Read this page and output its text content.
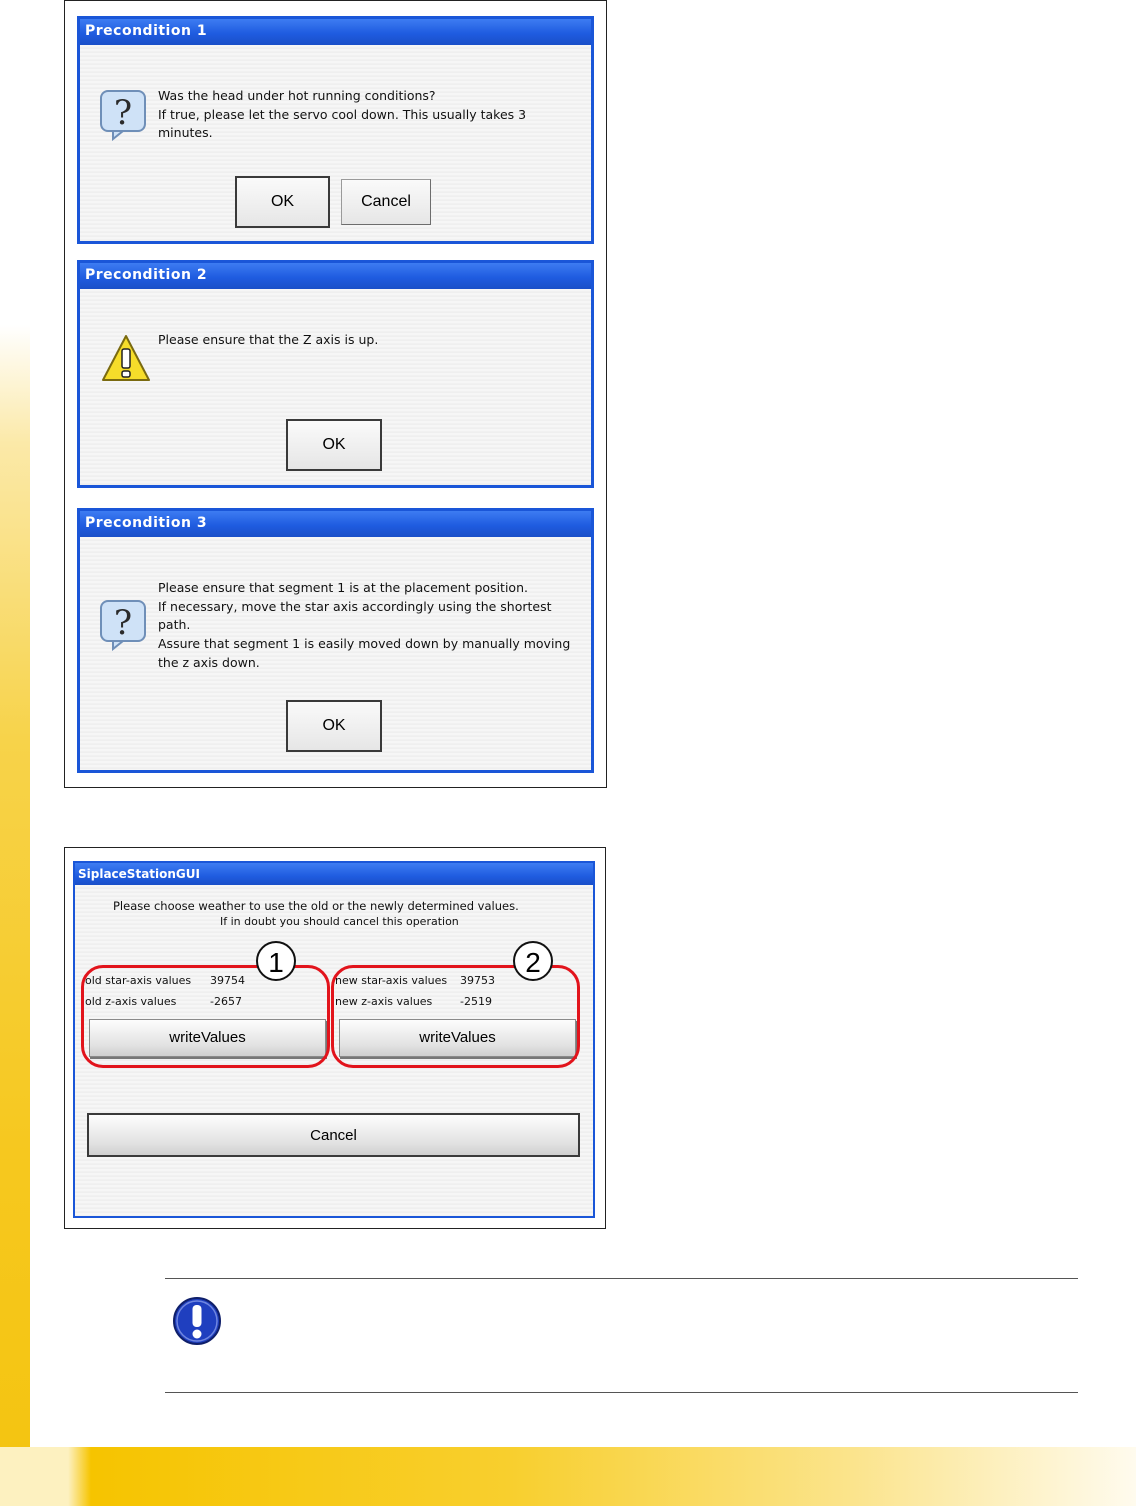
Precondition 1
? Was the head under hot running conditions?
If true, please let the servo cool down. This usually takes 3
minutes.
OK	Cancel
Precondition 2
Please ensure that the Z axis is up.
OK
Precondition 3
?
Please ensure that segment 1 is at the placement position.
If necessary, move the star axis accordingly using the shortest
path.
Assure that segment 1 is easily moved down by manually moving
the z axis down.
OK
SiplaceStationGUI
Please choose weather to use the old or the newly determined values.
If in doubt you should cancel this operation
old star-axis values 39754
old z-axis values	-2657
writeValues
new star-axis values 39753
new z-axis values	-2519
writeValues
Cancel
1	2
